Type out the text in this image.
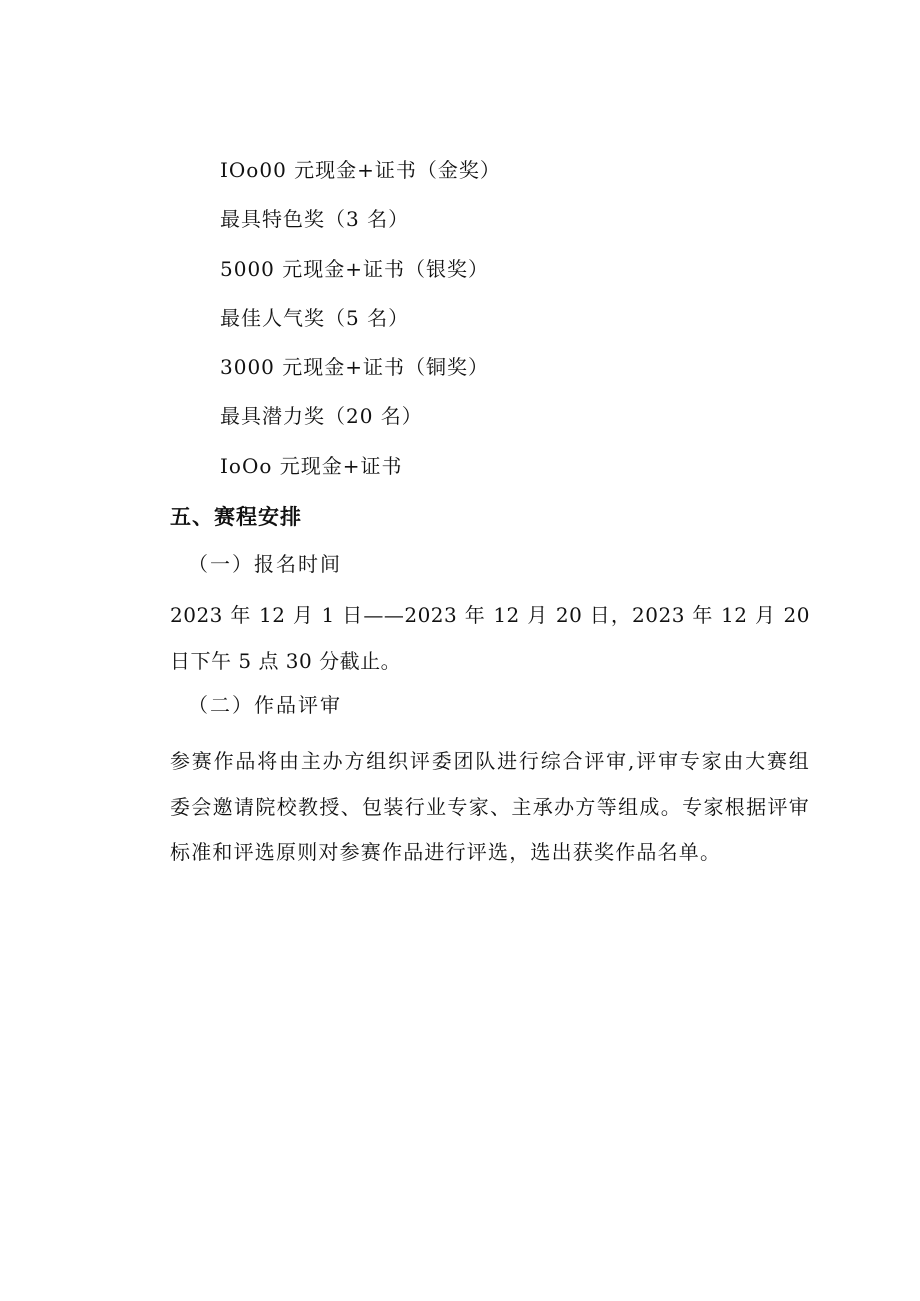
IOo00 元现金+证书（金奖）
最具特色奖（3 名）
5000 元现金+证书（银奖）
最佳人气奖（5 名）
3000 元现金+证书（铜奖）
最具潜力奖（20 名）
IoOo 元现金+证书
五、赛程安排
（一）报名时间

2023 年 12 月 1 日——2023 年 12 月 20 日，2023 年 12 月 20 日下午 5 点 30 分截止。

（二）作品评审

参赛作品将由主办方组织评委团队进行综合评审,评审专家由大赛组委会邀请院校教授、包装行业专家、主承办方等组成。专家根据评审标准和评选原则对参赛作品进行评选，选出获奖作品名单。
